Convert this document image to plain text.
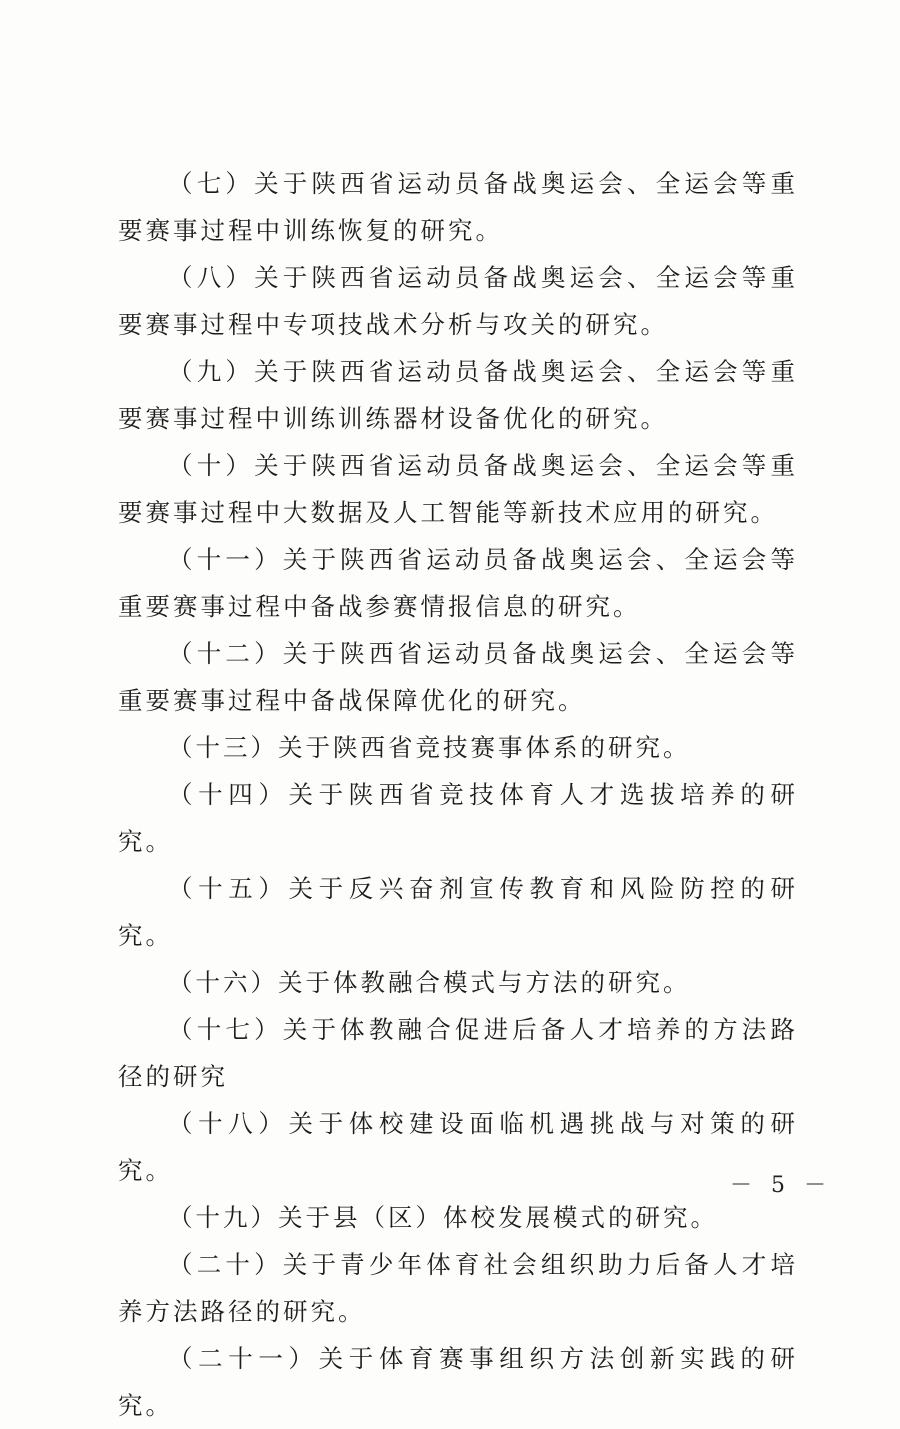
（七）关于陕西省运动员备战奥运会、全运会等重要赛事过程中训练恢复的研究。

（八）关于陕西省运动员备战奥运会、全运会等重要赛事过程中专项技战术分析与攻关的研究。

（九）关于陕西省运动员备战奥运会、全运会等重要赛事过程中训练训练器材设备优化的研究。

（十）关于陕西省运动员备战奥运会、全运会等重要赛事过程中大数据及人工智能等新技术应用的研究。

（十一）关于陕西省运动员备战奥运会、全运会等重要赛事过程中备战参赛情报信息的研究。

（十二）关于陕西省运动员备战奥运会、全运会等重要赛事过程中备战保障优化的研究。

（十三）关于陕西省竞技赛事体系的研究。

（十四）关于陕西省竞技体育人才选拔培养的研究。

（十五）关于反兴奋剂宣传教育和风险防控的研究。

（十六）关于体教融合模式与方法的研究。

（十七）关于体教融合促进后备人才培养的方法路径的研究

（十八）关于体校建设面临机遇挑战与对策的研究。

（十九）关于县（区）体校发展模式的研究。

（二十）关于青少年体育社会组织助力后备人才培养方法路径的研究。

（二十一）关于体育赛事组织方法创新实践的研究。

－ 5 －
